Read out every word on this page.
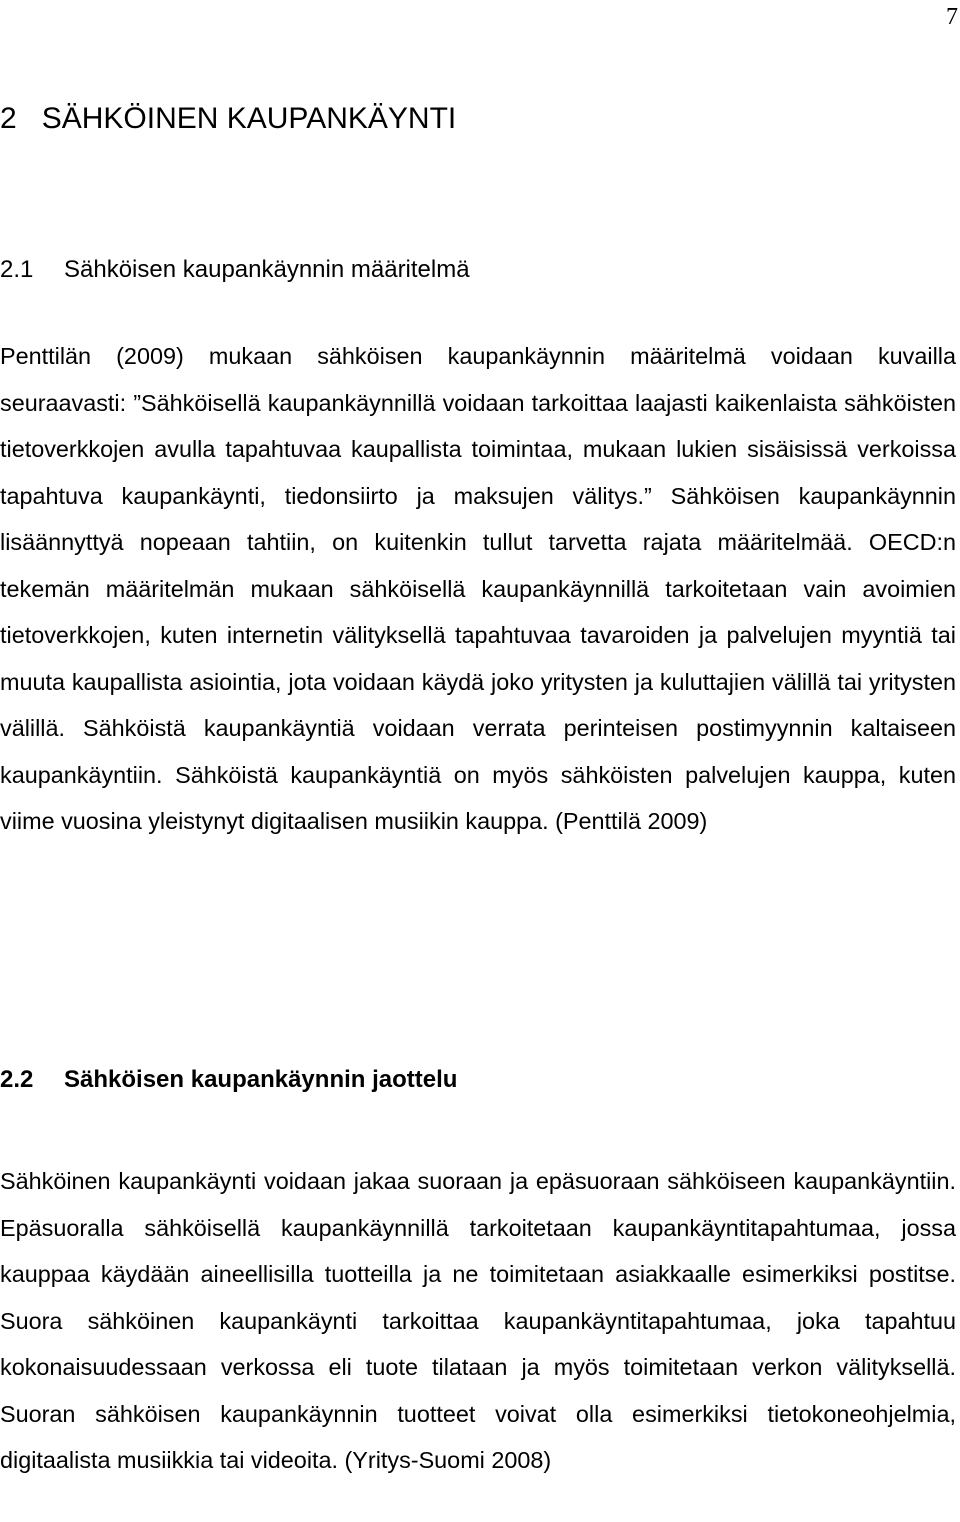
7
2 SÄHKÖINEN KAUPANKÄYNTI
2.1 Sähköisen kaupankäynnin määritelmä

Penttilän (2009) mukaan sähköisen kaupankäynnin määritelmä voidaan kuvailla seuraavasti: ”Sähköisellä kaupankäynnillä voidaan tarkoittaa laajasti kaikenlaista sähköisten tietoverkkojen avulla tapahtuvaa kaupallista toimintaa, mukaan lukien sisäisissä verkoissa tapahtuva kaupankäynti, tiedonsiirto ja maksujen välitys.” Sähköisen kaupankäynnin lisäännyttyä nopeaan tahtiin, on kuitenkin tullut tarvetta rajata määritelmää. OECD:n tekemän määritelmän mukaan sähköisellä kaupankäynnillä tarkoitetaan vain avoimien tietoverkkojen, kuten internetin välityksellä tapahtuvaa tavaroiden ja palvelujen myyntiä tai muuta kaupallista asiointia, jota voidaan käydä joko yritysten ja kuluttajien välillä tai yritysten välillä. Sähköistä kaupankäyntiä voidaan verrata perinteisen postimyynnin kaltaiseen kaupankäyntiin. Sähköistä kaupankäyntiä on myös sähköisten palvelujen kauppa, kuten viime vuosina yleistynyt digitaalisen musiikin kauppa. (Penttilä 2009)

2.2 Sähköisen kaupankäynnin jaottelu

Sähköinen kaupankäynti voidaan jakaa suoraan ja epäsuoraan sähköiseen kaupankäyntiin. Epäsuoralla sähköisellä kaupankäynnillä tarkoitetaan kaupankäyntitapahtumaa, jossa kauppaa käydään aineellisilla tuotteilla ja ne toimitetaan asiakkaalle esimerkiksi postitse. Suora sähköinen kaupankäynti tarkoittaa kaupankäyntitapahtumaa, joka tapahtuu kokonaisuudessaan verkossa eli tuote tilataan ja myös toimitetaan verkon välityksellä. Suoran sähköisen kaupankäynnin tuotteet voivat olla esimerkiksi tietokoneohjelmia, digitaalista musiikkia tai videoita. (Yritys-Suomi 2008)
